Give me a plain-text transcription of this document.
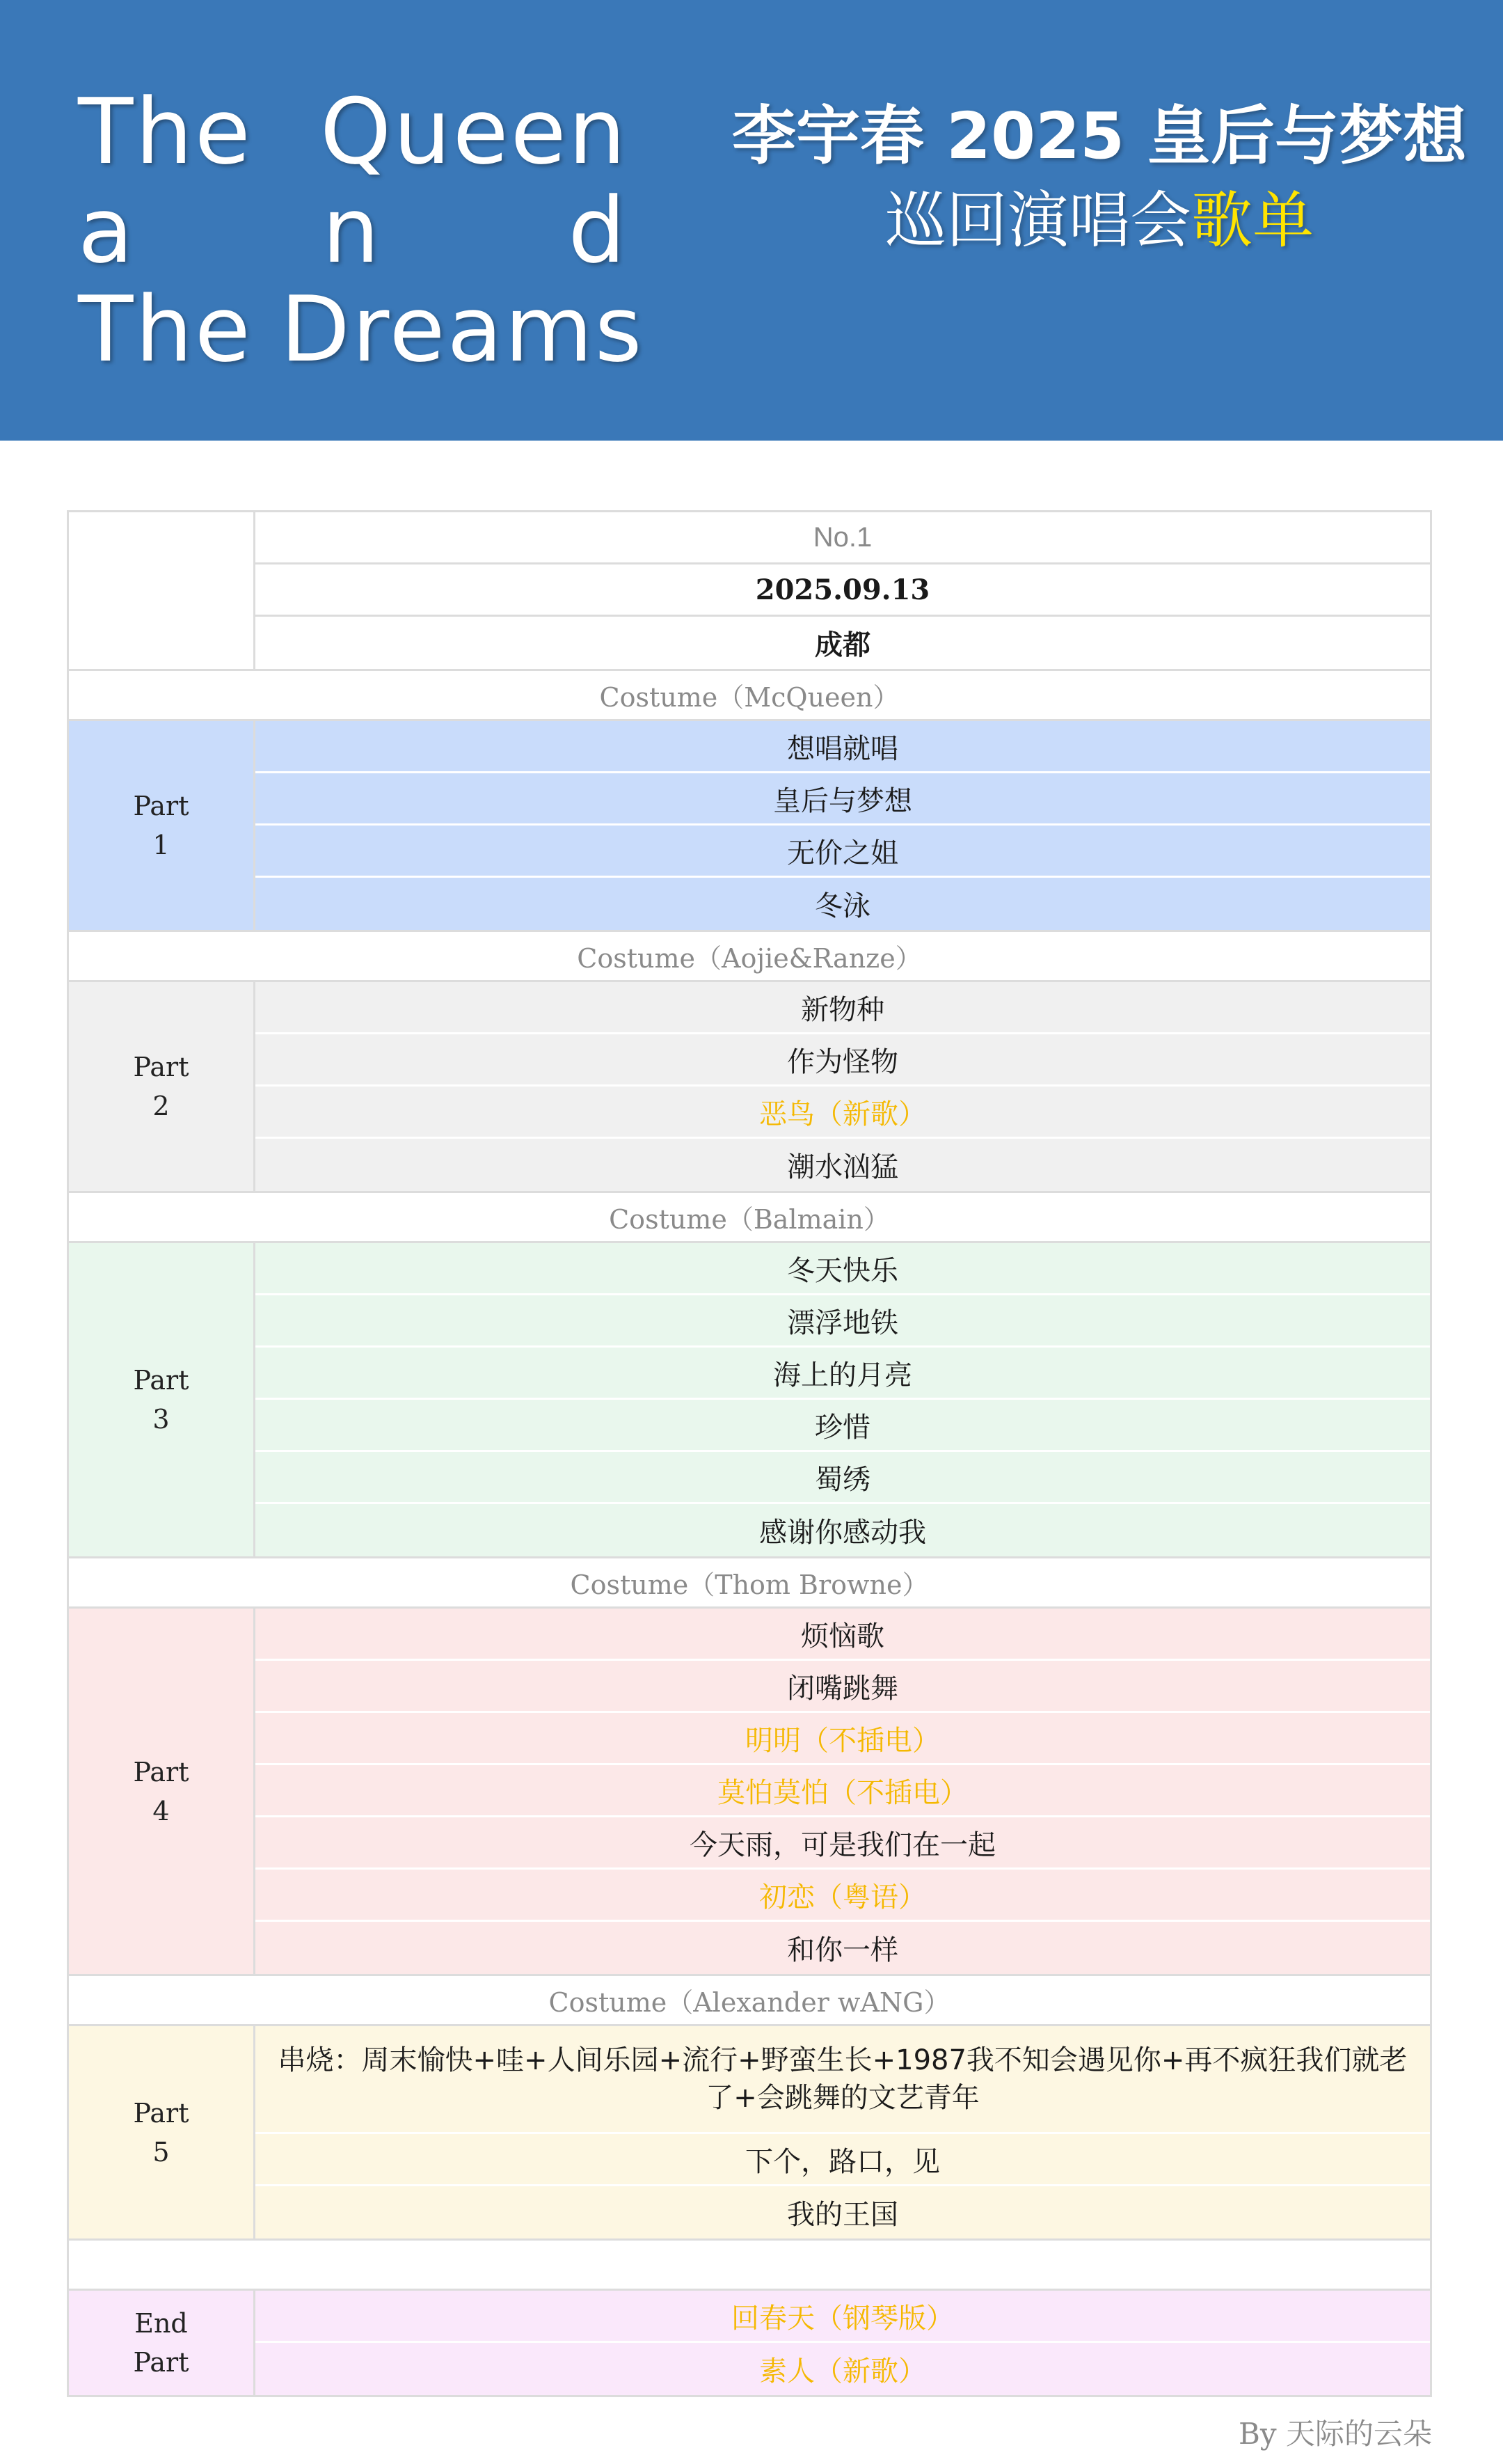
The Queen
a n d
The Dreams
李宇春 2025 皇后与梦想
巡回演唱会歌单
No.1
2025.09.13
成都
Costume（McQueen）
Part
1
想唱就唱
皇后与梦想
无价之姐
冬泳
Costume（Aojie&Ranze）
Part
2
新物种
作为怪物
恶鸟（新歌）
潮水汹猛
Costume（Balmain）
Part
3
冬天快乐
漂浮地铁
海上的月亮
珍惜
蜀绣
感谢你感动我
Costume（Thom Browne）
Part
4
烦恼歌
闭嘴跳舞
明明（不插电）
莫怕莫怕（不插电）
今天雨，可是我们在一起
初恋（粤语）
和你一样
Costume（Alexander wANG）
Part
5
串烧：周末愉快+哇+人间乐园+流行+野蛮生长+1987我不知会遇见你+再不疯狂我们就老了+会跳舞的文艺青年
下个，路口，见
我的王国
End
Part
回春天（钢琴版）
素人（新歌）
By 天际的云朵
